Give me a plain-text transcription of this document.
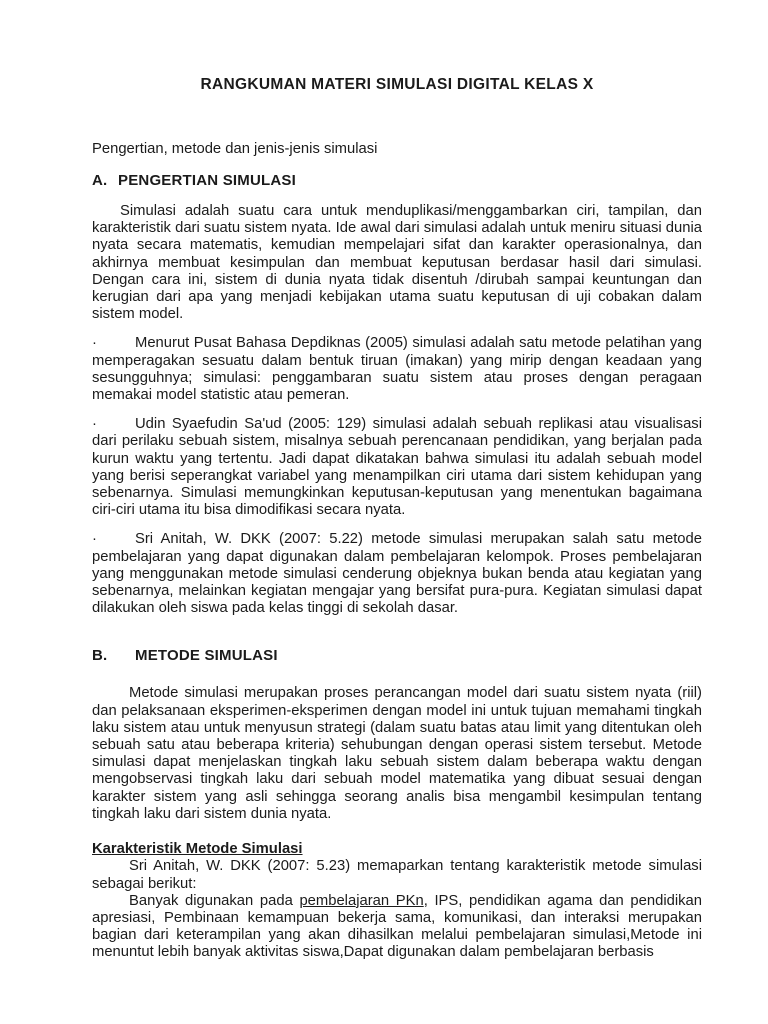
RANGKUMAN MATERI SIMULASI DIGITAL KELAS X

Pengertian, metode dan jenis-jenis simulasi

A. PENGERTIAN SIMULASI

Simulasi adalah suatu cara untuk menduplikasi/menggambarkan ciri, tampilan, dan karakteristik dari suatu sistem nyata. Ide awal dari simulasi adalah untuk meniru situasi dunia nyata secara matematis, kemudian mempelajari sifat dan karakter operasionalnya, dan akhirnya membuat kesimpulan dan membuat keputusan berdasar hasil dari simulasi. Dengan cara ini, sistem di dunia nyata tidak disentuh /dirubah sampai keuntungan dan kerugian dari apa yang menjadi kebijakan utama suatu keputusan di uji cobakan dalam sistem model.

·	Menurut Pusat Bahasa Depdiknas (2005) simulasi adalah satu metode pelatihan yang memperagakan sesuatu dalam bentuk tiruan (imakan) yang mirip dengan keadaan yang sesungguhnya; simulasi: penggambaran suatu sistem atau proses dengan peragaan memakai model statistic atau pemeran.

·	Udin Syaefudin Sa'ud (2005: 129) simulasi adalah sebuah replikasi atau visualisasi dari perilaku sebuah sistem, misalnya sebuah perencanaan pendidikan, yang berjalan pada kurun waktu yang tertentu. Jadi dapat dikatakan bahwa simulasi itu adalah sebuah model yang berisi seperangkat variabel yang menampilkan ciri utama dari sistem kehidupan yang sebenarnya. Simulasi memungkinkan keputusan-keputusan yang menentukan bagaimana ciri-ciri utama itu bisa dimodifikasi secara nyata.

·	Sri Anitah, W. DKK (2007: 5.22) metode simulasi merupakan salah satu metode pembelajaran yang dapat digunakan dalam pembelajaran kelompok. Proses pembelajaran yang menggunakan metode simulasi cenderung objeknya bukan benda atau kegiatan yang sebenarnya, melainkan kegiatan mengajar yang bersifat pura-pura. Kegiatan simulasi dapat dilakukan oleh siswa pada kelas tinggi di sekolah dasar.

B. METODE SIMULASI

Metode simulasi merupakan proses perancangan model dari suatu sistem nyata (riil) dan pelaksanaan eksperimen-eksperimen dengan model ini untuk tujuan memahami tingkah laku sistem atau untuk menyusun strategi (dalam suatu batas atau limit yang ditentukan oleh sebuah satu atau beberapa kriteria) sehubungan dengan operasi sistem tersebut. Metode simulasi dapat menjelaskan tingkah laku sebuah sistem dalam beberapa waktu dengan mengobservasi tingkah laku dari sebuah model matematika yang dibuat sesuai dengan karakter sistem yang asli sehingga seorang analis bisa mengambil kesimpulan tentang tingkah laku dari sistem dunia nyata.

Karakteristik Metode Simulasi

Sri Anitah, W. DKK (2007: 5.23) memaparkan tentang karakteristik metode simulasi sebagai berikut:

Banyak digunakan pada pembelajaran PKn, IPS, pendidikan agama dan pendidikan apresiasi, Pembinaan kemampuan bekerja sama, komunikasi, dan interaksi merupakan bagian dari keterampilan yang akan dihasilkan melalui pembelajaran simulasi,Metode ini menuntut lebih banyak aktivitas siswa,Dapat digunakan dalam pembelajaran berbasis
